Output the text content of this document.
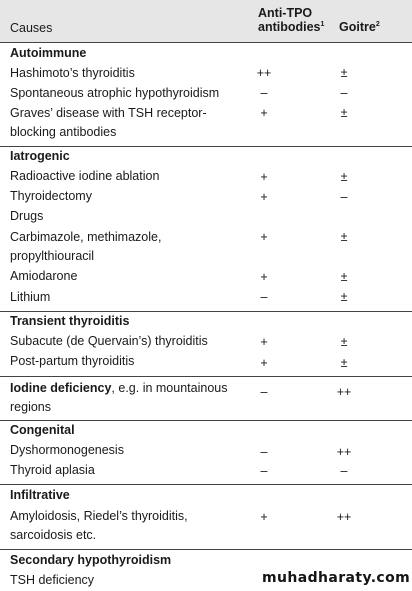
Causes
Anti-TPO
antibodies$^1$ Goitre$^2$
Autoimmune
Hashimoto’s thyroiditis	++	±
Spontaneous atrophic hypothyroidism	–	–
Graves’ disease with TSH receptor-
blocking antibodies
+	±
Iatrogenic
Radioactive iodine ablation	+	±
Thyroidectomy	+	–
Drugs
Carbimazole, methimazole,
propylthiouracil
+	±
Amiodarone	+	±
Lithium	–	±
Transient thyroiditis
Subacute (de Quervain’s) thyroiditis	+	±
Post-partum thyroiditis	+	±
Iodine deficiency, e.g. in mountainous
regions
–	++
Congenital
Dyshormonogenesis	–	++
Thyroid aplasia	–	–
Infiltrative
Amyloidosis, Riedel’s thyroiditis,
sarcoidosis etc.
+	++
Secondary hypothyroidism
TSH deficiency	muhadharaty.com
